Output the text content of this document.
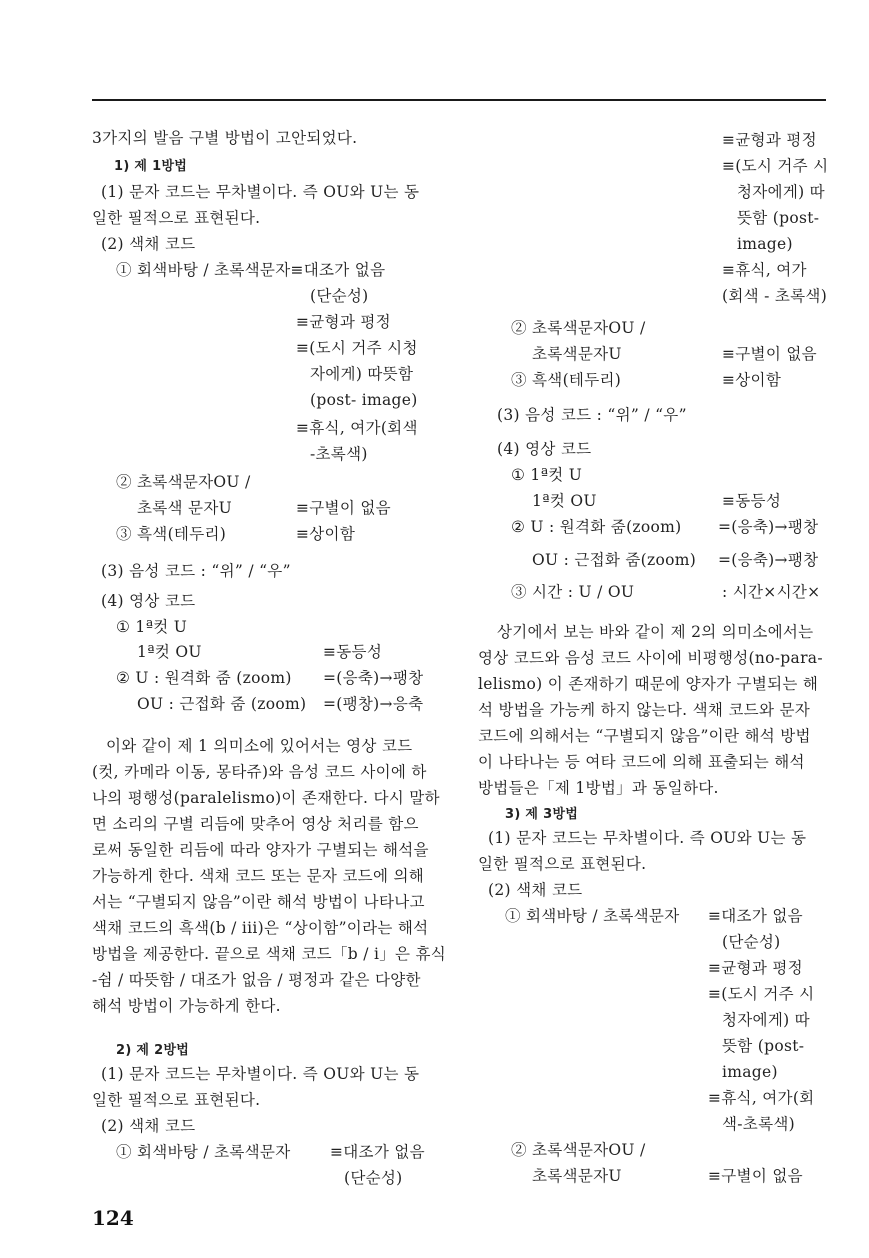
3가지의 발음 구별 방법이 고안되었다.
1) 제 1방법
(1) 문자 코드는 무차별이다. 즉 OU와 U는 동
일한 필적으로 표현된다.
(2) 색채 코드
① 회색바탕 / 초록색문자≡대조가 없음
(단순성)
≡균형과 평정
≡(도시 거주 시청
자에게) 따뜻함
(post- image)
≡휴식, 여가(회색
-초록색)
② 초록색문자OU /
초록색 문자U	≡구별이 없음
③ 흑색(테두리)	≡상이함
(3) 음성 코드 : “위” / “우”
(4) 영상 코드
① 1ª컷 U
1ª컷 OU	≡동등성
② U : 원격화 줌 (zoom) =(응축)→팽창
OU : 근접화 줌 (zoom) =(팽창)→응축
이와 같이 제 1 의미소에 있어서는 영상 코드
(컷, 카메라 이동, 몽타쥬)와 음성 코드 사이에 하
나의 평행성(paralelismo)이 존재한다. 다시 말하
면 소리의 구별 리듬에 맞추어 영상 처리를 함으
로써 동일한 리듬에 따라 양자가 구별되는 해석을
가능하게 한다. 색채 코드 또는 문자 코드에 의해
서는 “구별되지 않음”이란 해석 방법이 나타나고
색채 코드의 흑색(b / iii)은 “상이함”이라는 해석
방법을 제공한다. 끝으로 색채 코드「b / i」은 휴식
-쉼 / 따뜻함 / 대조가 없음 / 평정과 같은 다양한
해석 방법이 가능하게 한다.
2) 제 2방법
(1) 문자 코드는 무차별이다. 즉 OU와 U는 동
일한 필적으로 표현된다.
(2) 색채 코드
① 회색바탕 / 초록색문자	≡대조가 없음
(단순성)
≡균형과 평정
≡(도시 거주 시
청자에게) 따
뜻함 (post-
image)
≡휴식, 여가
(회색 - 초록색)
② 초록색문자OU /
초록색문자U	≡구별이 없음
③ 흑색(테두리)	≡상이함
(3) 음성 코드 : “위” / “우”
(4) 영상 코드
① 1ª컷 U
1ª컷 OU	≡동등성
② U : 원격화 줌(zoom) =(응축)→팽창
OU : 근접화 줌(zoom) =(응축)→팽창
③ 시간 : U / OU	: 시간×시간×
상기에서 보는 바와 같이 제 2의 의미소에서는
영상 코드와 음성 코드 사이에 비평행성(no-para-
lelismo) 이 존재하기 때문에 양자가 구별되는 해
석 방법을 가능케 하지 않는다. 색채 코드와 문자
코드에 의해서는 “구별되지 않음”이란 해석 방법
이 나타나는 등 여타 코드에 의해 표출되는 해석
방법들은「제 1방법」과 동일하다.
3) 제 3방법
(1) 문자 코드는 무차별이다. 즉 OU와 U는 동
일한 필적으로 표현된다.
(2) 색채 코드
① 회색바탕 / 초록색문자 ≡대조가 없음
(단순성)
≡균형과 평정
≡(도시 거주 시
청자에게) 따
뜻함 (post-
image)
≡휴식, 여가(회
색-초록색)
② 초록색문자OU /
초록색문자U	≡구별이 없음
124
